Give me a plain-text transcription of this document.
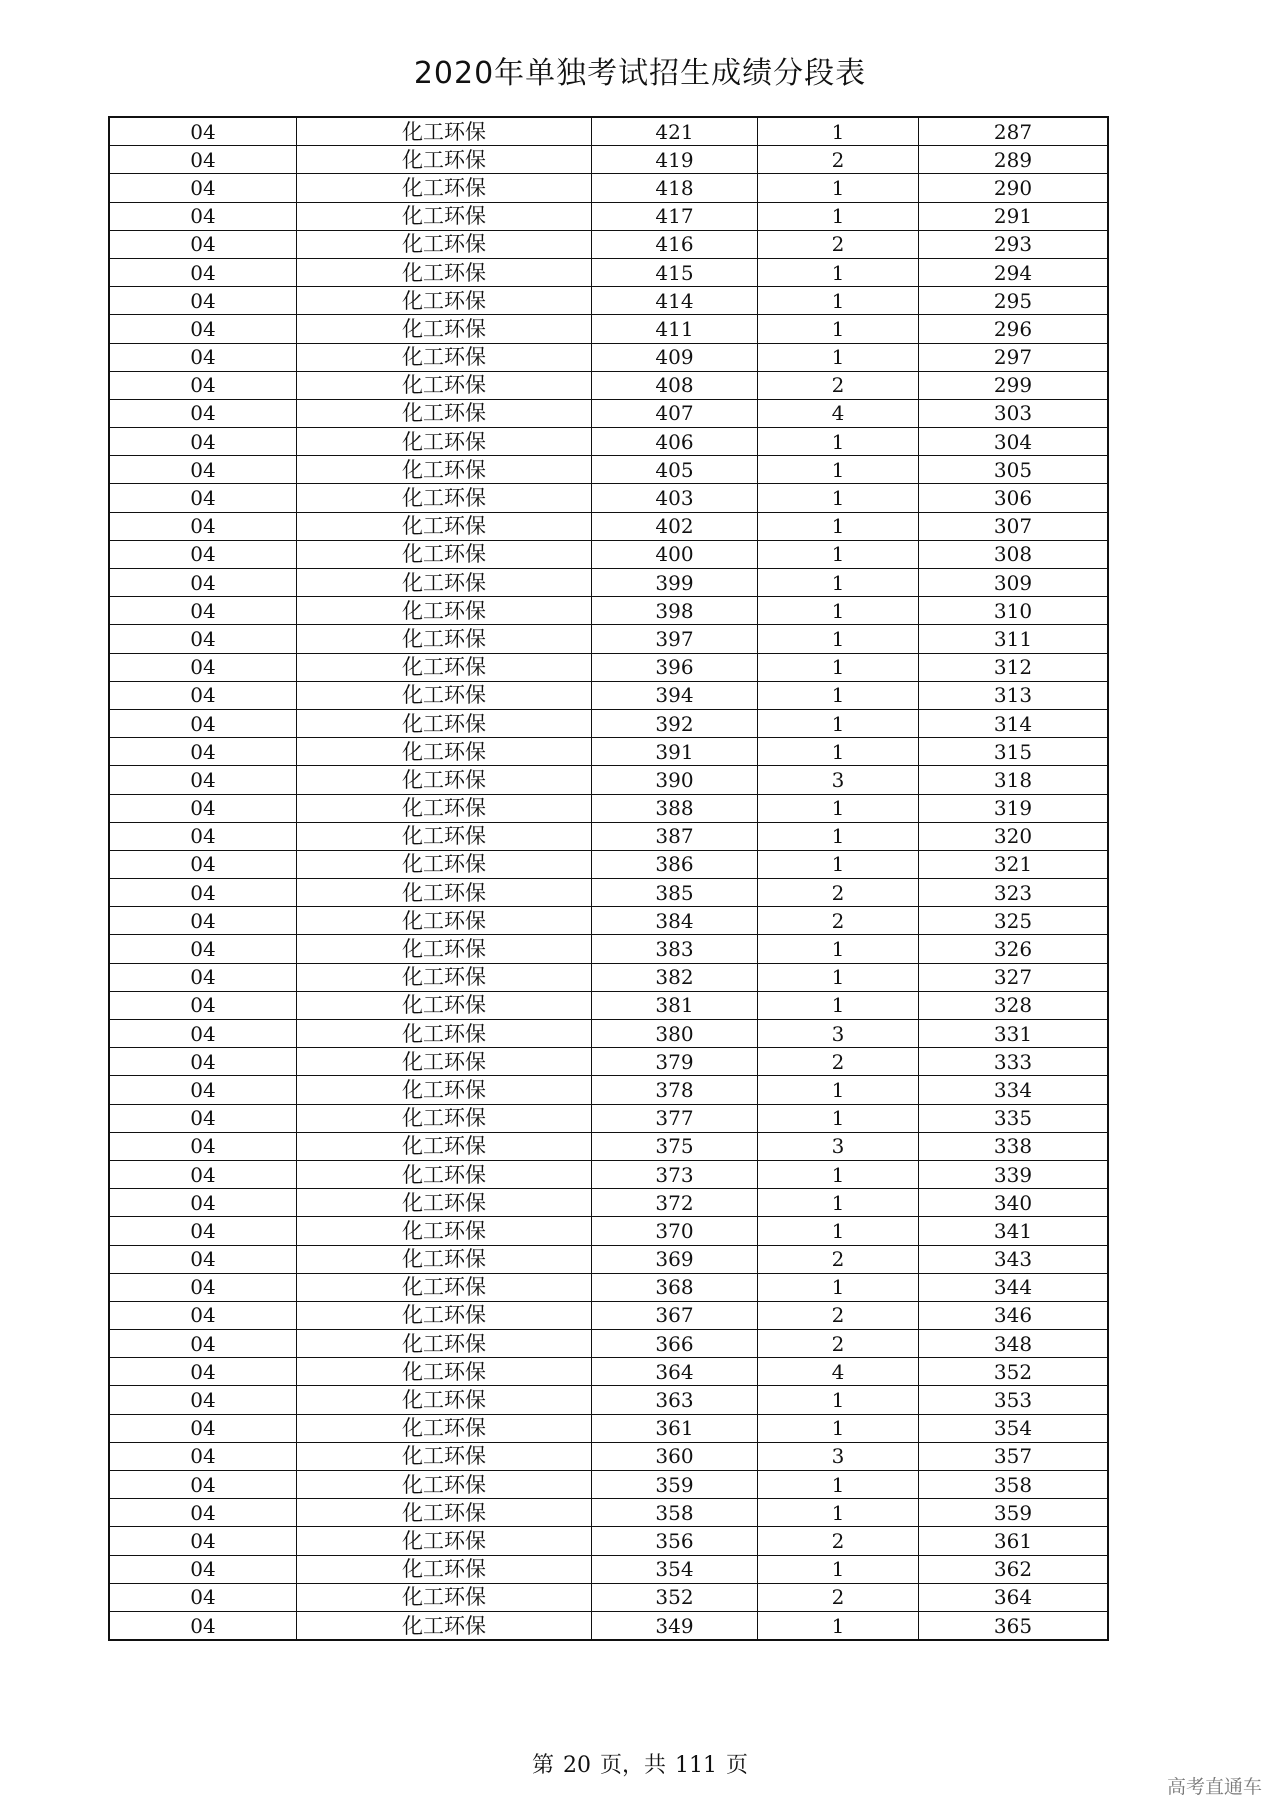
2020年单独考试招生成绩分段表
04	化工环保	421	1	287
04	化工环保	419	2	289
04	化工环保	418	1	290
04	化工环保	417	1	291
04	化工环保	416	2	293
04	化工环保	415	1	294
04	化工环保	414	1	295
04	化工环保	411	1	296
04	化工环保	409	1	297
04	化工环保	408	2	299
04	化工环保	407	4	303
04	化工环保	406	1	304
04	化工环保	405	1	305
04	化工环保	403	1	306
04	化工环保	402	1	307
04	化工环保	400	1	308
04	化工环保	399	1	309
04	化工环保	398	1	310
04	化工环保	397	1	311
04	化工环保	396	1	312
04	化工环保	394	1	313
04	化工环保	392	1	314
04	化工环保	391	1	315
04	化工环保	390	3	318
04	化工环保	388	1	319
04	化工环保	387	1	320
04	化工环保	386	1	321
04	化工环保	385	2	323
04	化工环保	384	2	325
04	化工环保	383	1	326
04	化工环保	382	1	327
04	化工环保	381	1	328
04	化工环保	380	3	331
04	化工环保	379	2	333
04	化工环保	378	1	334
04	化工环保	377	1	335
04	化工环保	375	3	338
04	化工环保	373	1	339
04	化工环保	372	1	340
04	化工环保	370	1	341
04	化工环保	369	2	343
04	化工环保	368	1	344
04	化工环保	367	2	346
04	化工环保	366	2	348
04	化工环保	364	4	352
04	化工环保	363	1	353
04	化工环保	361	1	354
04	化工环保	360	3	357
04	化工环保	359	1	358
04	化工环保	358	1	359
04	化工环保	356	2	361
04	化工环保	354	1	362
04	化工环保	352	2	364
04	化工环保	349	1	365
第 20 页，共 111 页
高考直通车
